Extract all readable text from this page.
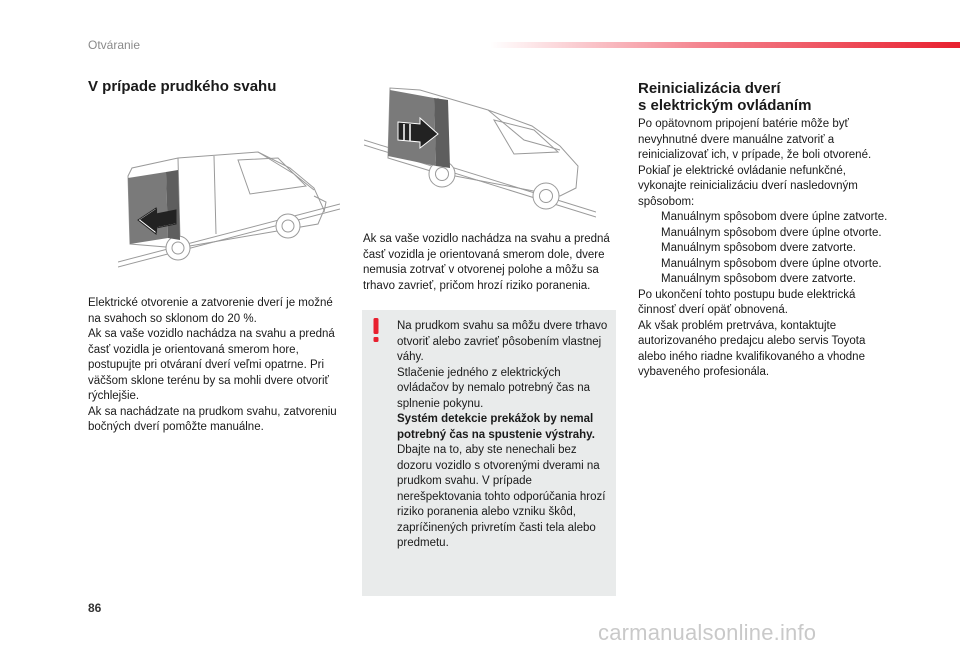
Otváranie
V prípade prudkého svahu

Elektrické otvorenie a zatvorenie dverí je možné na svahoch so sklonom do 20 %.

Ak sa vaše vozidlo nachádza na svahu a predná časť vozidla je orientovaná smerom hore, postupujte pri otváraní dverí veľmi opatrne. Pri väčšom sklone terénu by sa mohli dvere otvoriť rýchlejšie.

Ak sa nachádzate na prudkom svahu, zatvoreniu bočných dverí pomôžte manuálne.

Ak sa vaše vozidlo nachádza na svahu a predná časť vozidla je orientovaná smerom dole, dvere nemusia zotrvať v otvorenej polohe a môžu sa trhavo zavrieť, pričom hrozí riziko poranenia.

Na prudkom svahu sa môžu dvere trhavo otvoriť alebo zavrieť pôsobením vlastnej váhy.

Stlačenie jedného z elektrických ovládačov by nemalo potrebný čas na splnenie pokynu.

Systém detekcie prekážok by nemal potrebný čas na spustenie výstrahy. Dbajte na to, aby ste nenechali bez dozoru vozidlo s otvorenými dverami na prudkom svahu. V prípade nerešpektovania tohto odporúčania hrozí riziko poranenia alebo vzniku škôd, zapríčinených privretím časti tela alebo predmetu.

Reinicializácia dverí
s elektrickým ovládaním

Po opätovnom pripojení batérie môže byť nevyhnutné dvere manuálne zatvoriť a reinicializovať ich, v prípade, že boli otvorené. Pokiaľ je elektrické ovládanie nefunkčné, vykonajte reinicializáciu dverí nasledovným spôsobom:

Manuálnym spôsobom dvere úplne zatvorte.

Manuálnym spôsobom dvere úplne otvorte.

Manuálnym spôsobom dvere zatvorte.

Manuálnym spôsobom dvere úplne otvorte.

Manuálnym spôsobom dvere zatvorte.

Po ukončení tohto postupu bude elektrická činnosť dverí opäť obnovená.

Ak však problém pretrváva, kontaktujte autorizovaného predajcu alebo servis Toyota alebo iného riadne kvalifikovaného a vhodne vybaveného profesionála.

86
carmanualsonline.info
